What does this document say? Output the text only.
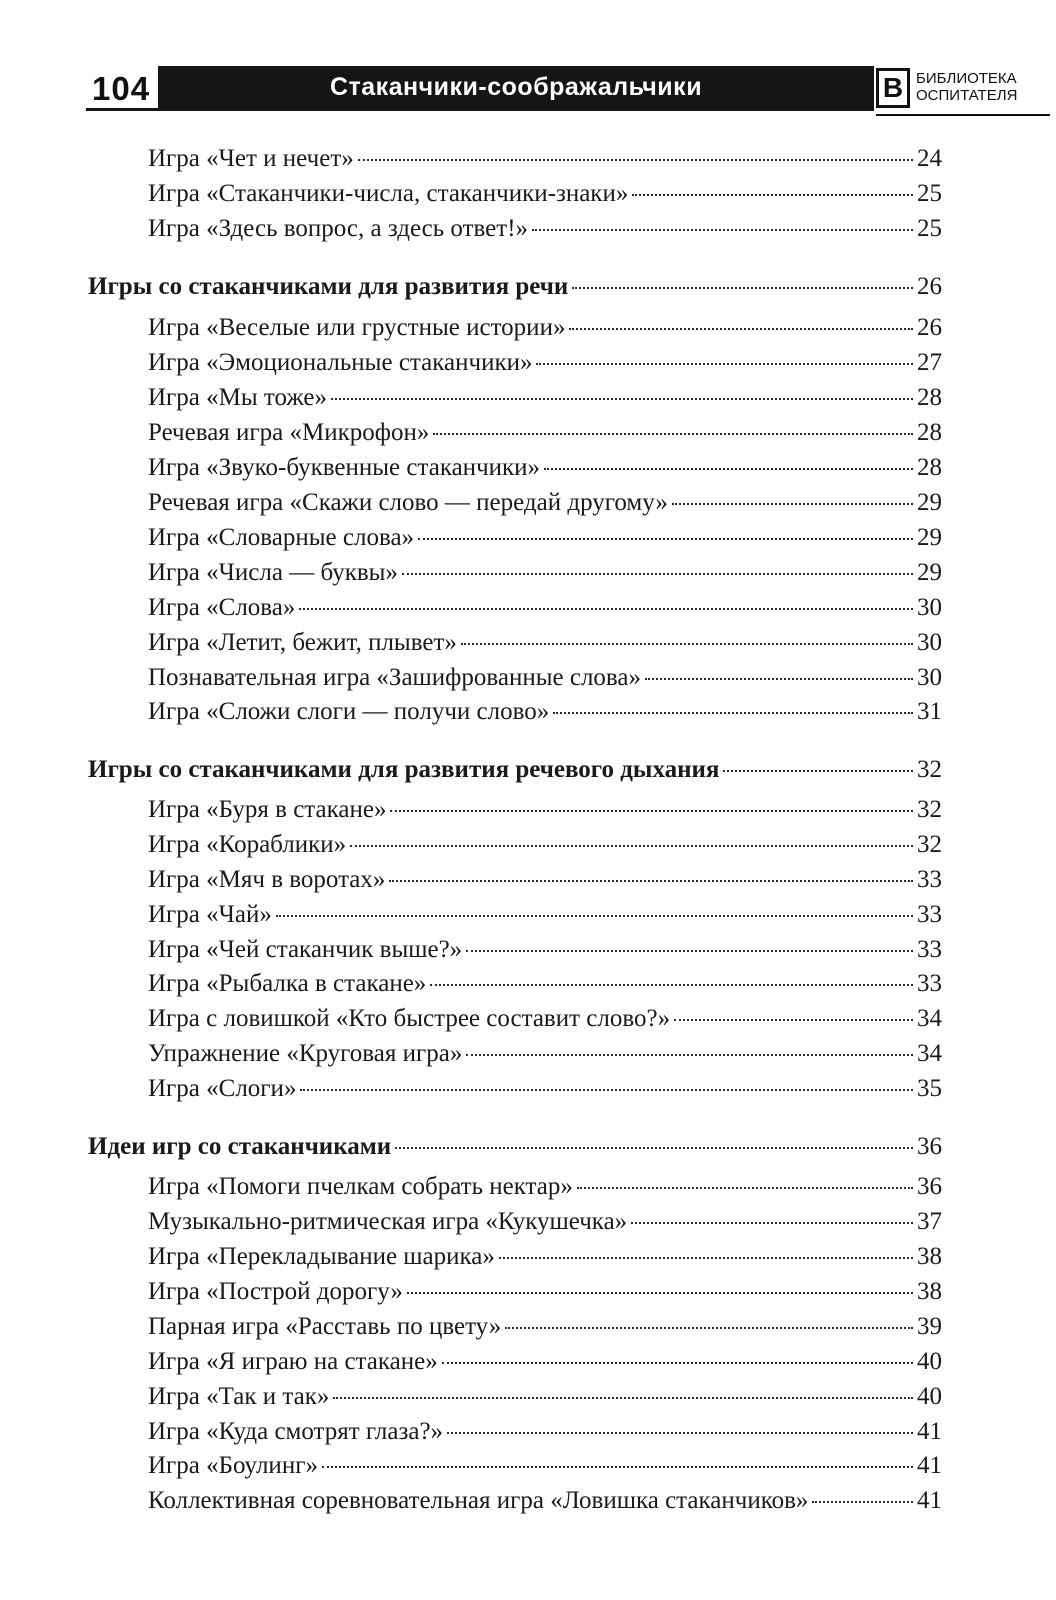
104	Стаканчики-соображальчики	В БИБЛИОТЕКА
ОСПИТАТЕЛЯ
Игра «Чет и нечет»	24
Игра «Стаканчики-числа, стаканчики-знаки»	25
Игра «Здесь вопрос, а здесь ответ!»	25
Игры со стаканчиками для развития речи	26
Игра «Веселые или грустные истории»	26
Игра «Эмоциональные стаканчики»	27
Игра «Мы тоже»	28
Речевая игра «Микрофон»	28
Игра «Звуко-буквенные стаканчики»	28
Речевая игра «Скажи слово — передай другому»	29
Игра «Словарные слова»	29
Игра «Числа — буквы»	29
Игра «Слова»	30
Игра «Летит, бежит, плывет»	30
Познавательная игра «Зашифрованные слова»	30
Игра «Сложи слоги — получи слово»	31
Игры со стаканчиками для развития речевого дыхания	32
Игра «Буря в стакане»	32
Игра «Кораблики»	32
Игра «Мяч в воротах»	33
Игра «Чай»	33
Игра «Чей стаканчик выше?»	33
Игра «Рыбалка в стакане»	33
Игра с ловишкой «Кто быстрее составит слово?»	34
Упражнение «Круговая игра»	34
Игра «Слоги»	35
Идеи игр со стаканчиками	36
Игра «Помоги пчелкам собрать нектар»	36
Музыкально-ритмическая игра «Кукушечка»	37
Игра «Перекладывание шарика»	38
Игра «Построй дорогу»	38
Парная игра «Расставь по цвету»	39
Игра «Я играю на стакане»	40
Игра «Так и так»	40
Игра «Куда смотрят глаза?»	41
Игра «Боулинг»	41
Коллективная соревновательная игра «Ловишка стаканчиков»	41
